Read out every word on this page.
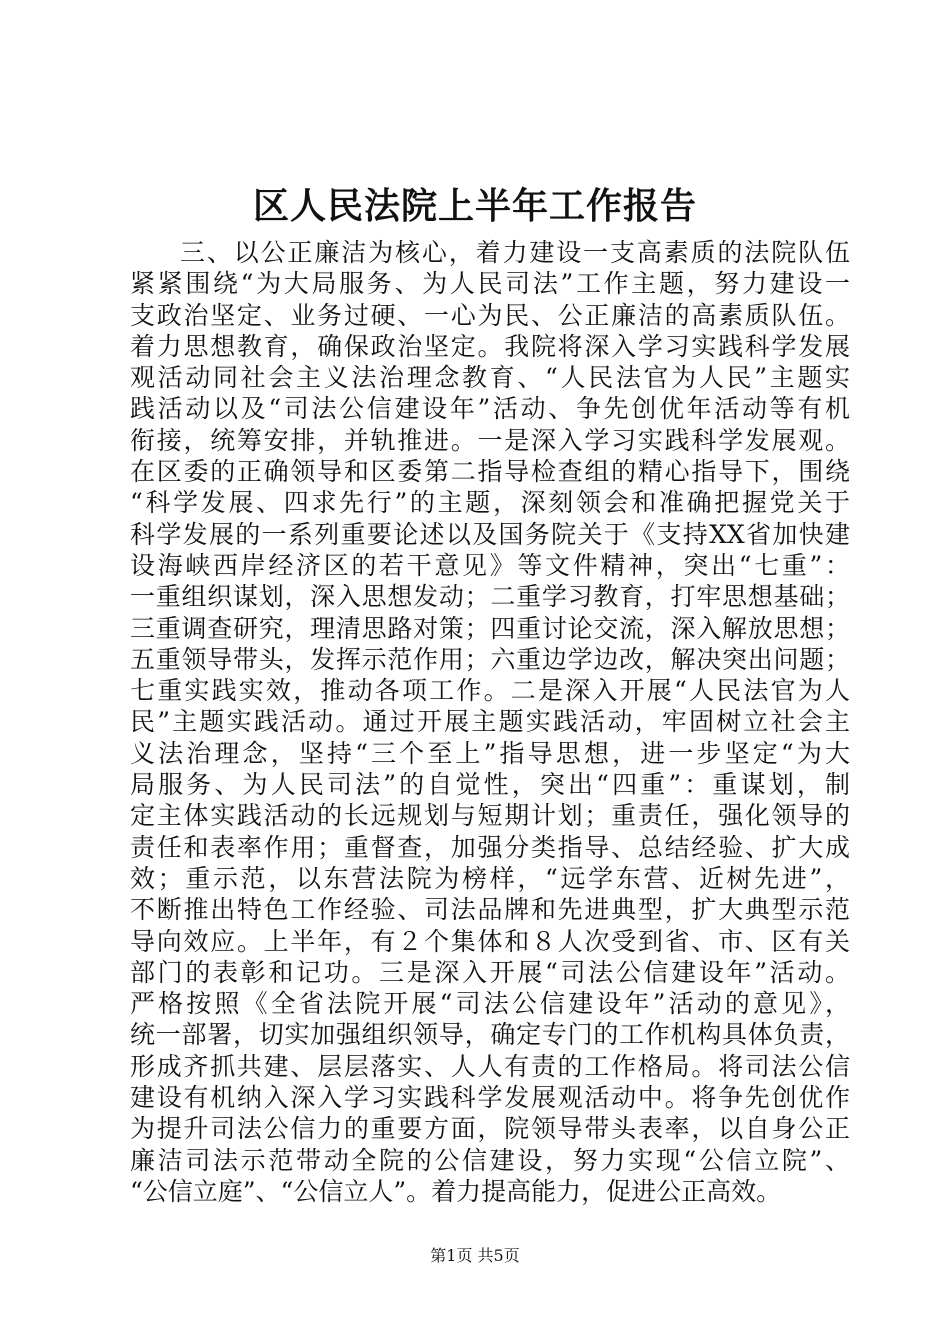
区人民法院上半年工作报告
三、以公正廉洁为核心，着力建设一支高素质的法院队伍
紧紧围绕“为大局服务、为人民司法”工作主题，努力建设一
支政治坚定、业务过硬、一心为民、公正廉洁的高素质队伍。
着力思想教育，确保政治坚定。我院将深入学习实践科学发展
观活动同社会主义法治理念教育、“人民法官为人民”主题实
践活动以及“司法公信建设年”活动、争先创优年活动等有机
衔接，统筹安排，并轨推进。一是深入学习实践科学发展观。
在区委的正确领导和区委第二指导检查组的精心指导下，围绕
“科学发展、四求先行”的主题，深刻领会和准确把握党关于
科学发展的一系列重要论述以及国务院关于《支持XX省加快建
设海峡西岸经济区的若干意见》等文件精神，突出“七重”：
一重组织谋划，深入思想发动；二重学习教育，打牢思想基础；
三重调查研究，理清思路对策；四重讨论交流，深入解放思想；
五重领导带头，发挥示范作用；六重边学边改，解决突出问题；
七重实践实效，推动各项工作。二是深入开展“人民法官为人
民”主题实践活动。通过开展主题实践活动，牢固树立社会主
义法治理念，坚持“三个至上”指导思想，进一步坚定“为大
局服务、为人民司法”的自觉性，突出“四重”：重谋划，制
定主体实践活动的长远规划与短期计划；重责任，强化领导的
责任和表率作用；重督查，加强分类指导、总结经验、扩大成
效；重示范，以东营法院为榜样，“远学东营、近树先进”，
不断推出特色工作经验、司法品牌和先进典型，扩大典型示范
导向效应。上半年，有２个集体和８人次受到省、市、区有关
部门的表彰和记功。三是深入开展“司法公信建设年”活动。
严格按照《全省法院开展“司法公信建设年”活动的意见》，
统一部署，切实加强组织领导，确定专门的工作机构具体负责，
形成齐抓共建、层层落实、人人有责的工作格局。将司法公信
建设有机纳入深入学习实践科学发展观活动中。将争先创优作
为提升司法公信力的重要方面，院领导带头表率，以自身公正
廉洁司法示范带动全院的公信建设，努力实现“公信立院”、
“公信立庭”、“公信立人”。着力提高能力，促进公正高效。
第1页 共5页
